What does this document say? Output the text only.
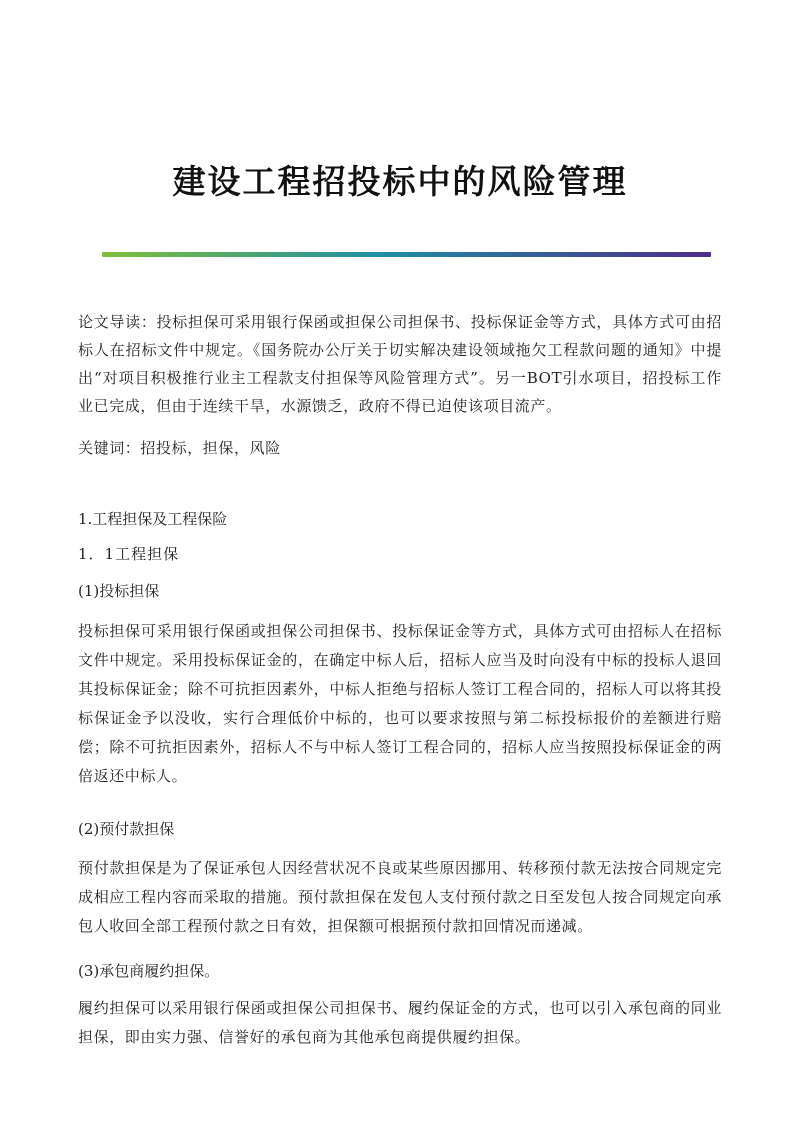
建设工程招投标中的风险管理
论文导读：投标担保可采用银行保函或担保公司担保书、投标保证金等方式，具体方式可由招标人在招标文件中规定。《国务院办公厅关于切实解决建设领域拖欠工程款问题的通知》中提出“对项目积极推行业主工程款支付担保等风险管理方式”。另一BOT引水项目，招投标工作业已完成，但由于连续干旱，水源馈乏，政府不得已迫使该项目流产。
关键词：招投标，担保，风险
1.工程担保及工程保险
1．1工程担保
(1)投标担保
投标担保可采用银行保函或担保公司担保书、投标保证金等方式，具体方式可由招标人在招标文件中规定。采用投标保证金的，在确定中标人后，招标人应当及时向没有中标的投标人退回其投标保证金；除不可抗拒因素外，中标人拒绝与招标人签订工程合同的，招标人可以将其投标保证金予以没收，实行合理低价中标的，也可以要求按照与第二标投标报价的差额进行赔偿；除不可抗拒因素外，招标人不与中标人签订工程合同的，招标人应当按照投标保证金的两倍返还中标人。
(2)预付款担保
预付款担保是为了保证承包人因经营状况不良或某些原因挪用、转移预付款无法按合同规定完成相应工程内容而采取的措施。预付款担保在发包人支付预付款之日至发包人按合同规定向承包人收回全部工程预付款之日有效，担保额可根据预付款扣回情况而递减。
(3)承包商履约担保。
履约担保可以采用银行保函或担保公司担保书、履约保证金的方式，也可以引入承包商的同业担保，即由实力强、信誉好的承包商为其他承包商提供履约担保。
